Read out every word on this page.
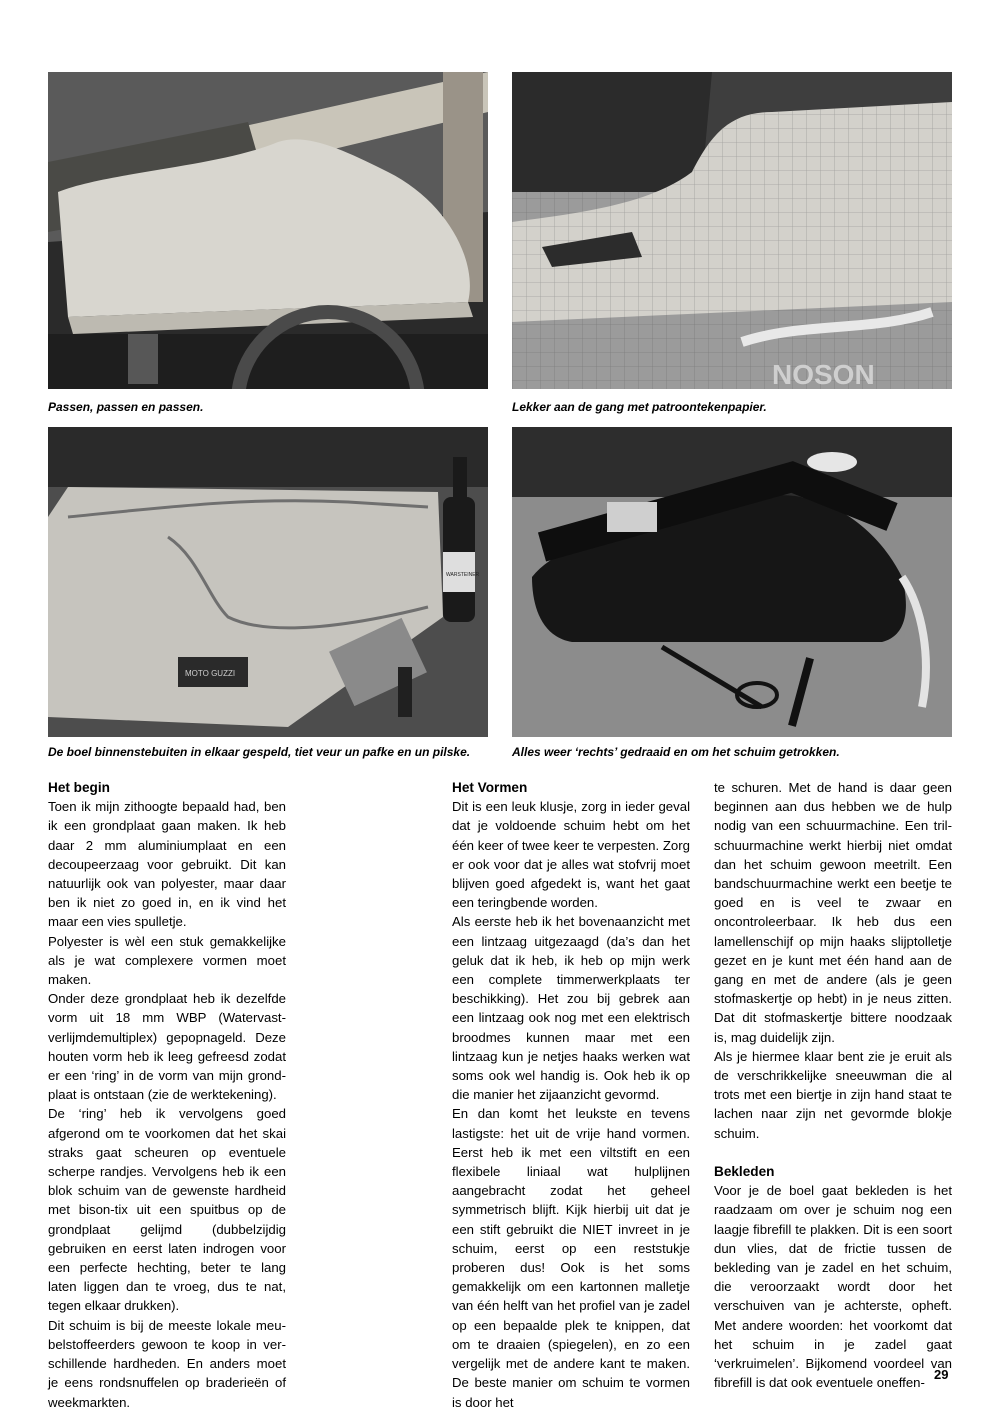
Passen, passen en passen.
NOSON
Lekker aan de gang met patroontekenpapier.
WARSTEINER
MOTO GUZZI
De boel binnenstebuiten in elkaar gespeld, tiet veur un pafke en un pilske.	Alles weer ‘rechts’ gedraaid en om het schuim getrokken.
Het begin

Toen ik mijn zithoogte bepaald had, ben ik een grondplaat gaan maken. Ik heb daar 2 mm aluminiumplaat en een decoupeerzaag voor gebruikt. Dit kan natuurlijk ook van polyester, maar daar ben ik niet zo goed in, en ik vind het maar een vies spulletje.

Polyester is wèl een stuk gemakkelijke als je wat complexere vormen moet maken.

Onder deze grondplaat heb ik dezelfde vorm uit 18 mm WBP (Watervastverlijmdemultiplex) gepopnageld. Deze houten vorm heb ik leeg gefreesd zodat er een ‘ring’ in de vorm van mijn grondplaat is ontstaan (zie de werktekening).

De ‘ring’ heb ik vervolgens goed afgerond om te voorkomen dat het skai straks gaat scheuren op eventuele scherpe randjes. Vervolgens heb ik een blok schuim van de gewenste hardheid met bison-tix uit een spuitbus op de grondplaat gelijmd (dubbelzijdig gebruiken en eerst laten indrogen voor een perfecte hechting, beter te lang laten liggen dan te vroeg, dus te nat, tegen elkaar drukken).

Dit schuim is bij de meeste lokale meubelstoffeerders gewoon te koop in verschillende hardheden. En anders moet je eens rondsnuffelen op braderieën of weekmarkten.

Het Vormen

Dit is een leuk klusje, zorg in ieder geval dat je voldoende schuim hebt om het één keer of twee keer te verpesten. Zorg er ook voor dat je alles wat stofvrij moet blijven goed afgedekt is, want het gaat een teringbende worden.

Als eerste heb ik het bovenaanzicht met een lintzaag uitgezaagd (da’s dan het geluk dat ik heb, ik heb op mijn werk een complete timmerwerkplaats ter beschikking). Het zou bij gebrek aan een lintzaag ook nog met een elektrisch broodmes kunnen maar met een lintzaag kun je netjes haaks werken wat soms ook wel handig is. Ook heb ik op die manier het zijaanzicht gevormd.

En dan komt het leukste en tevens lastigste: het uit de vrije hand vormen. Eerst heb ik met een viltstift en een flexibele liniaal wat hulplijnen aangebracht zodat het geheel symmetrisch blijft. Kijk hierbij uit dat je een stift gebruikt die NIET invreet in je schuim, eerst op een reststukje proberen dus! Ook is het soms gemakkelijk om een kartonnen malletje van één helft van het profiel van je zadel op een bepaalde plek te knippen, dat om te draaien (spiegelen), en zo een vergelijk met de andere kant te maken. De beste manier om schuim te vormen is door het

te schuren. Met de hand is daar geen beginnen aan dus hebben we de hulp nodig van een schuurmachine. Een trilschuurmachine werkt hierbij niet omdat dan het schuim gewoon meetrilt. Een bandschuurmachine werkt een beetje te goed en is veel te zwaar en oncontroleerbaar. Ik heb dus een lamellenschijf op mijn haaks slijptolletje gezet en je kunt met één hand aan de gang en met de andere (als je geen stofmaskertje op hebt) in je neus zitten. Dat dit stofmaskertje bittere noodzaak is, mag duidelijk zijn.

Als je hiermee klaar bent zie je eruit als de verschrikkelijke sneeuwman die al trots met een biertje in zijn hand staat te lachen naar zijn net gevormde blokje schuim.

Bekleden

Voor je de boel gaat bekleden is het raadzaam om over je schuim nog een laagje fibrefill te plakken. Dit is een soort dun vlies, dat de frictie tussen de bekleding van je zadel en het schuim, die veroorzaakt wordt door het verschuiven van je achterste, opheft. Met andere woorden: het voorkomt dat het schuim in je zadel gaat ‘verkruimelen’. Bijkomend voordeel van fibrefill is dat ook eventuele oneffen-

29
